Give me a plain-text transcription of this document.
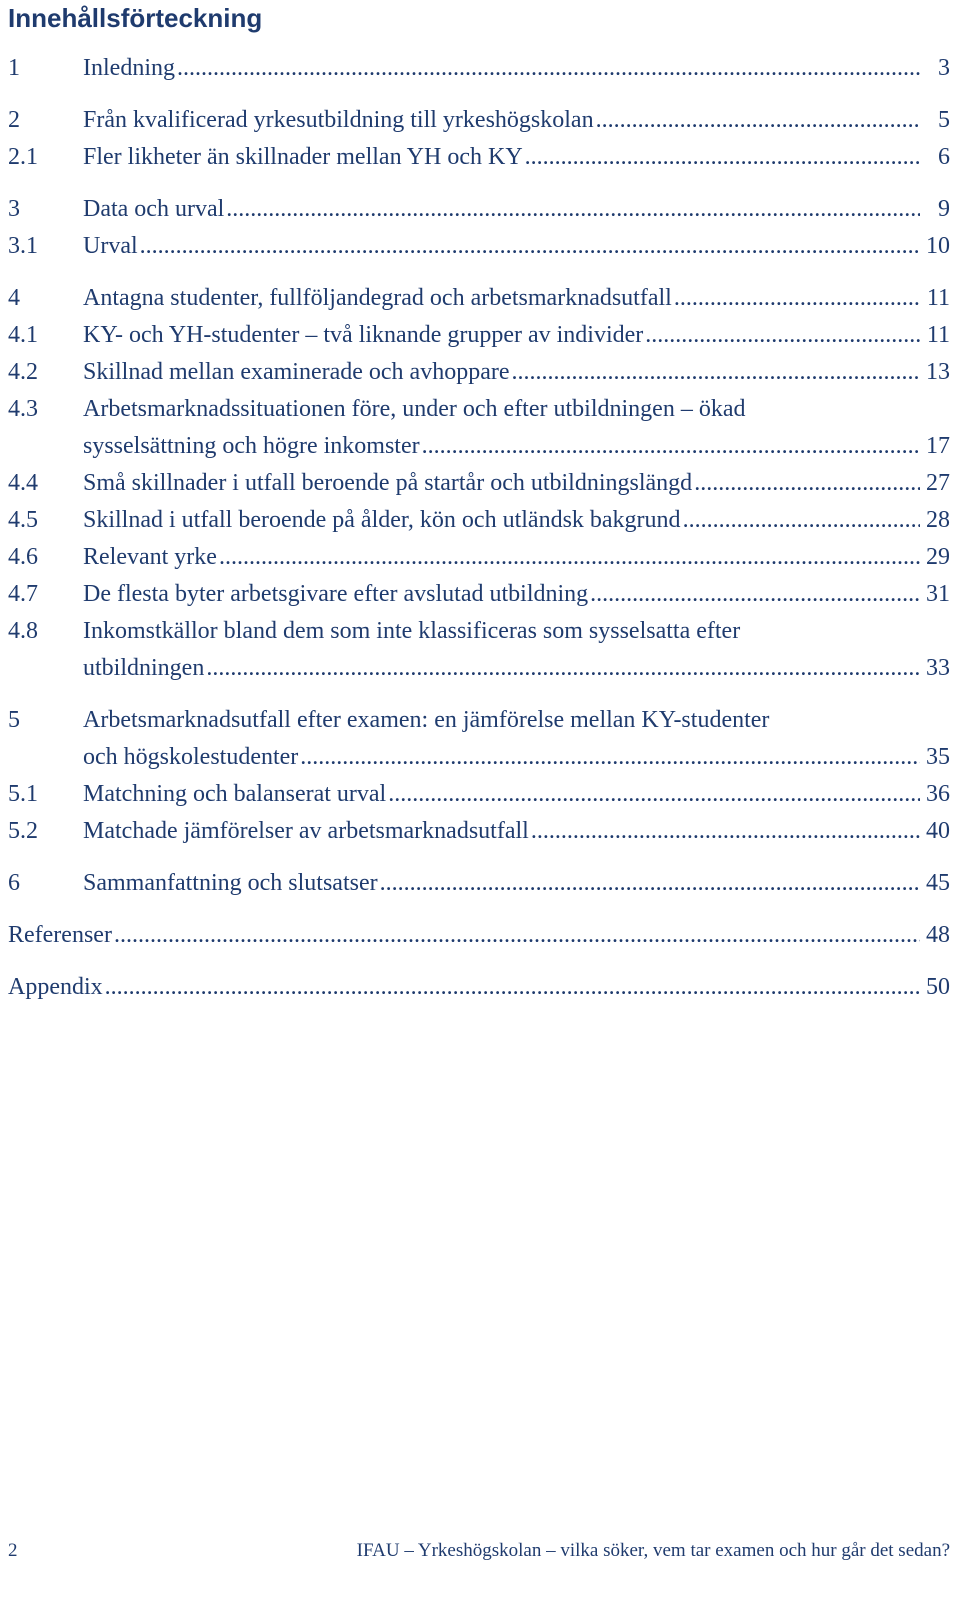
Innehållsförteckning
1	Inledning .....	3
2	Från kvalificerad yrkesutbildning till yrkeshögskolan .....	5
2.1	Fler likheter än skillnader mellan YH och KY .....	6
3	Data och urval .....	9
3.1	Urval .....	10
4	Antagna studenter, fullföljandegrad och arbetsmarknadsutfall .....	11
4.1	KY- och YH-studenter – två liknande grupper av individer .....	11
4.2	Skillnad mellan examinerade och avhoppare .....	13
4.3	Arbetsmarknadssituationen före, under och efter utbildningen – ökad
sysselsättning och högre inkomster .....	17
4.4	Små skillnader i utfall beroende på startår och utbildningslängd .....	27
4.5	Skillnad i utfall beroende på ålder, kön och utländsk bakgrund .....	28
4.6	Relevant yrke .....	29
4.7	De flesta byter arbetsgivare efter avslutad utbildning .....	31
4.8	Inkomstkällor bland dem som inte klassificeras som sysselsatta efter
utbildningen .....	33
5	Arbetsmarknadsutfall efter examen: en jämförelse mellan KY-studenter
och högskolestudenter .....	35
5.1	Matchning och balanserat urval .....	36
5.2	Matchade jämförelser av arbetsmarknadsutfall .....	40
6	Sammanfattning och slutsatser .....	45
Referenser .....	48
Appendix .....	50
2	IFAU – Yrkeshögskolan – vilka söker, vem tar examen och hur går det sedan?
